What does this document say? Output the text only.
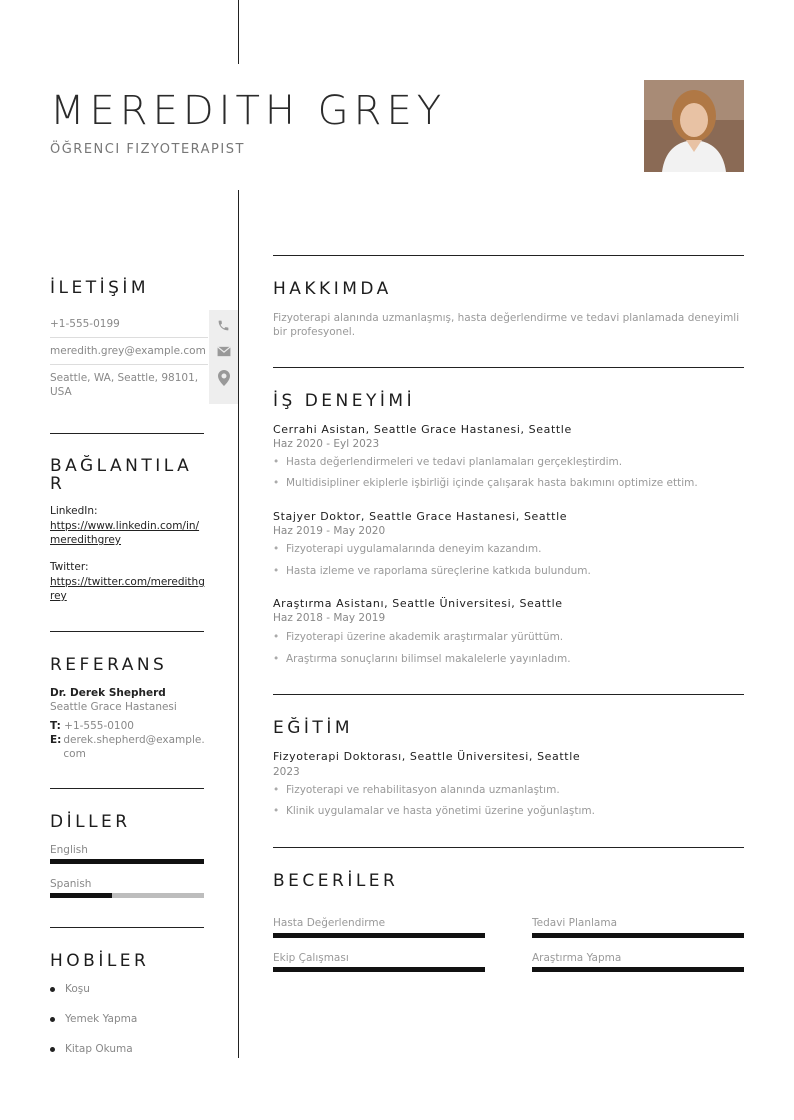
MEREDITH GREY
ÖĞRENCI FIZYOTERAPIST
İLETİŞİM
+1-555-0199
meredith.grey@example.com
Seattle, WA, Seattle, 98101, USA
BAĞLANTILA R
LinkedIn:
https://www.linkedin.com/in/meredithgrey
Twitter:
https://twitter.com/meredithgrey
REFERANS
Dr. Derek Shepherd
Seattle Grace Hastanesi
T: +1-555-0100
E: derek.shepherd@example.com
DİLLER
English
Spanish
HOBİLER
Koşu
Yemek Yapma
Kitap Okuma
HAKKIMDA
Fizyoterapi alanında uzmanlaşmış, hasta değerlendirme ve tedavi planlamada deneyimli bir profesyonel.
İŞ DENEYİMİ
Cerrahi Asistan, Seattle Grace Hastanesi, Seattle
Haz 2020 - Eyl 2023
• Hasta değerlendirmeleri ve tedavi planlamaları gerçekleştirdim.
• Multidisipliner ekiplerle işbirliği içinde çalışarak hasta bakımını optimize ettim.
Stajyer Doktor, Seattle Grace Hastanesi, Seattle
Haz 2019 - May 2020
• Fizyoterapi uygulamalarında deneyim kazandım.
• Hasta izleme ve raporlama süreçlerine katkıda bulundum.
Araştırma Asistanı, Seattle Üniversitesi, Seattle
Haz 2018 - May 2019
• Fizyoterapi üzerine akademik araştırmalar yürüttüm.
• Araştırma sonuçlarını bilimsel makalelerle yayınladım.
EĞİTİM
Fizyoterapi Doktorası, Seattle Üniversitesi, Seattle
2023
• Fizyoterapi ve rehabilitasyon alanında uzmanlaştım.
• Klinik uygulamalar ve hasta yönetimi üzerine yoğunlaştım.
BECERİLER
Hasta Değerlendirme	Tedavi Planlama
Ekip Çalışması	Araştırma Yapma
